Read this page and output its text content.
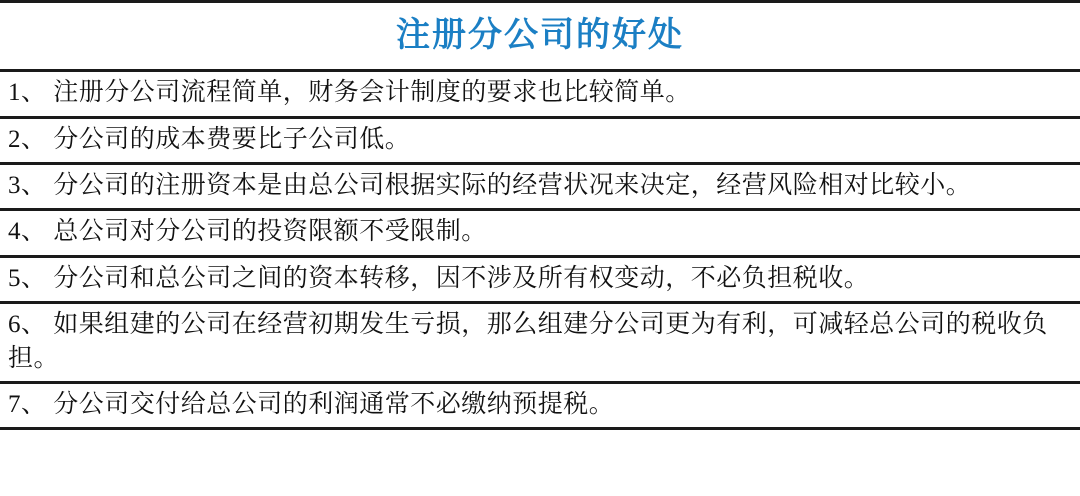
注册分公司的好处
1、 注册分公司流程简单，财务会计制度的要求也比较简单。
2、 分公司的成本费要比子公司低。
3、 分公司的注册资本是由总公司根据实际的经营状况来决定，经营风险相对比较小。
4、 总公司对分公司的投资限额不受限制。
5、 分公司和总公司之间的资本转移，因不涉及所有权变动，不必负担税收。
6、 如果组建的公司在经营初期发生亏损，那么组建分公司更为有利，可减轻总公司的税收负担。
7、 分公司交付给总公司的利润通常不必缴纳预提税。
